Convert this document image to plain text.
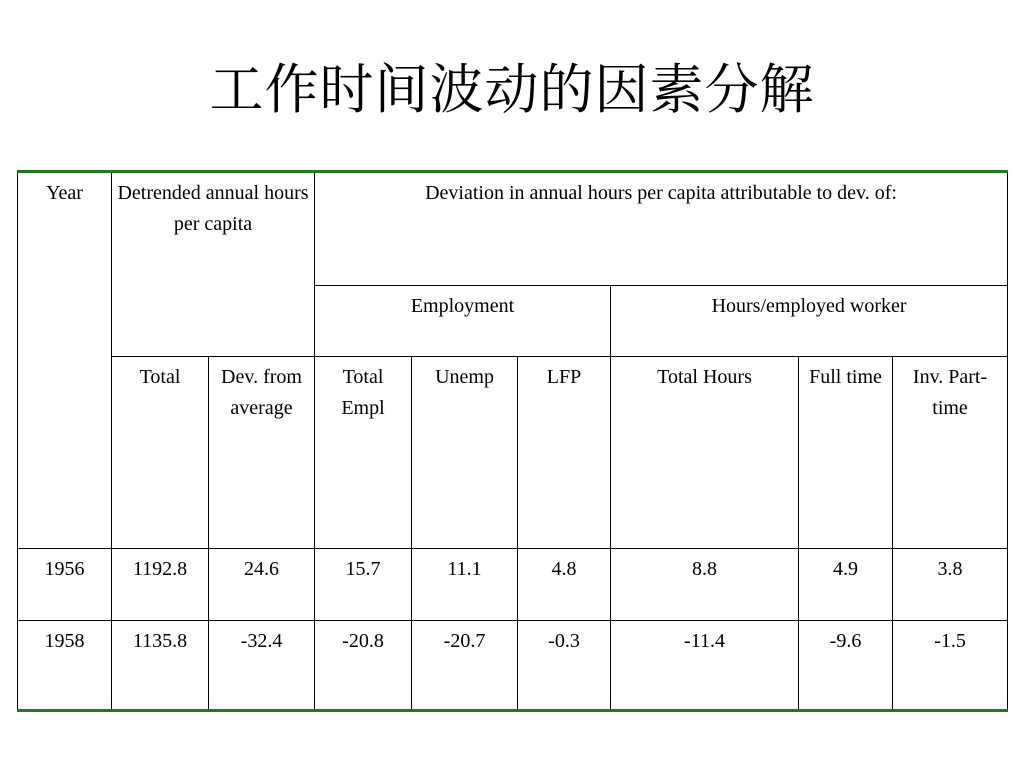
工作时间波动的因素分解
Year	Detrended annual hours per capita		Deviation in annual hours per capita attributable to dev. of:					
			Employment			Hours/employed worker		
	Total	Dev. from average	Total Empl	Unemp	LFP	Total Hours	Full time	Inv. Part-time
1956	1192.8	24.6	15.7	11.1	4.8	8.8	4.9	3.8
1958	1135.8	-32.4	-20.8	-20.7	-0.3	-11.4	-9.6	-1.5
